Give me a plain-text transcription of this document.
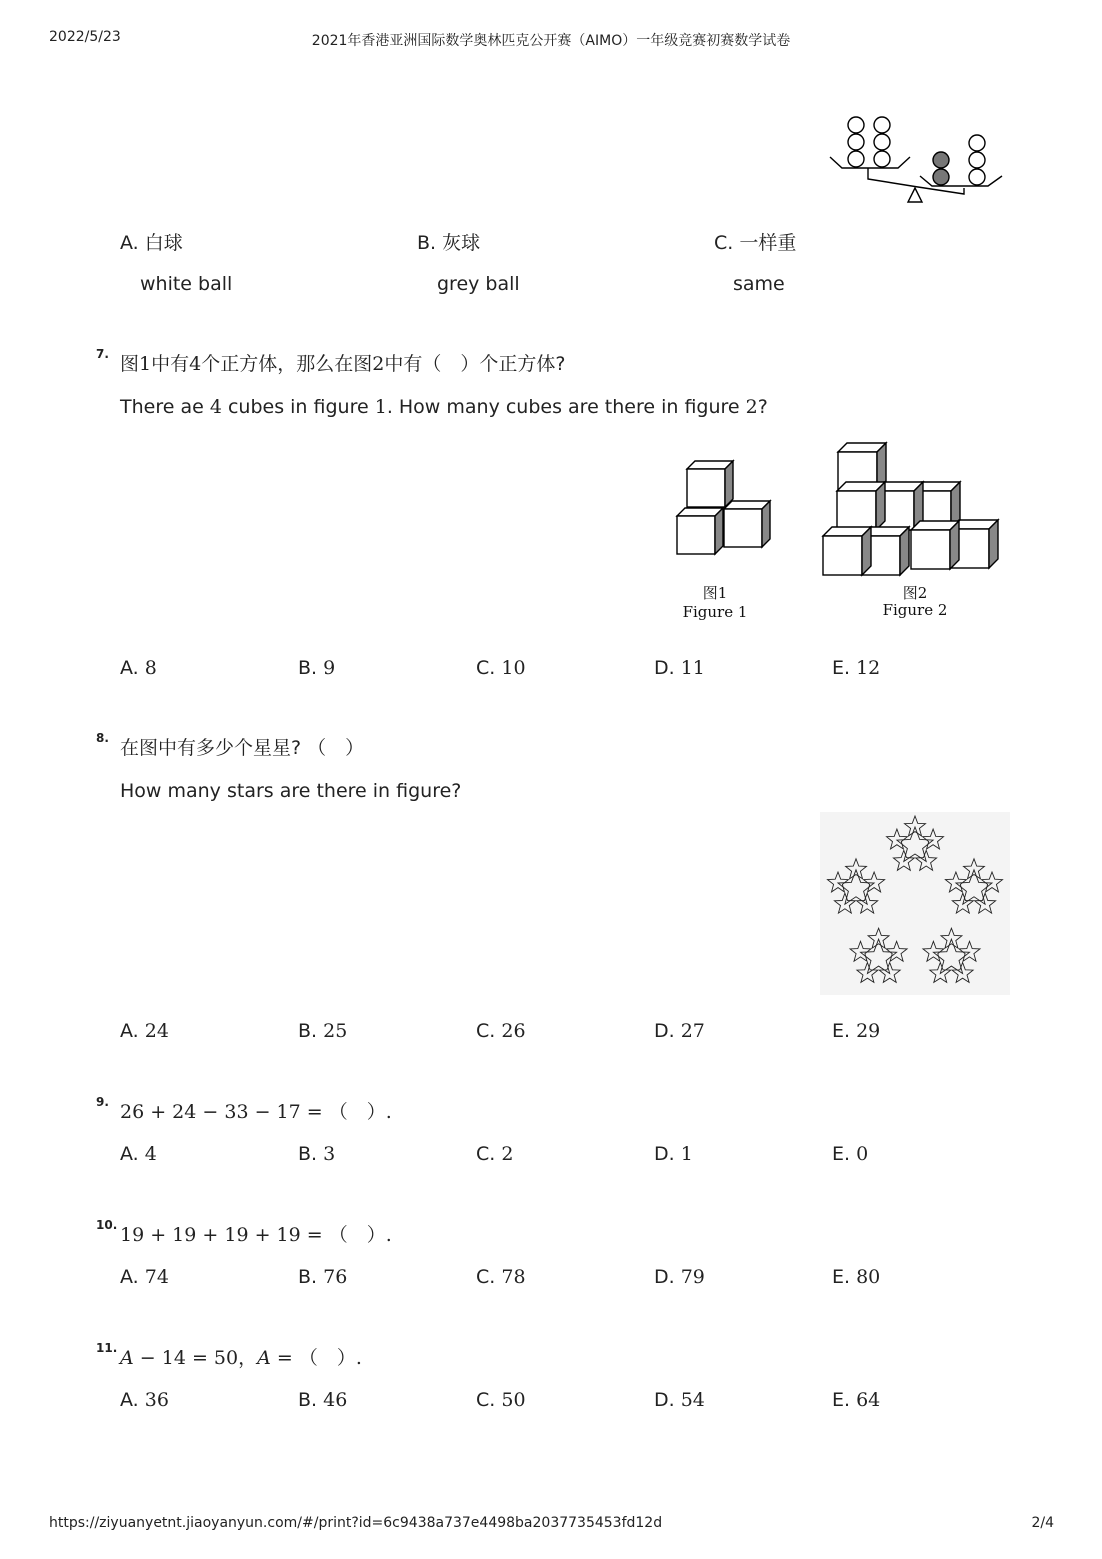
2022/5/23	2021年香港亚洲国际数学奥林匹克公开赛（AIMO）一年级竞赛初赛数学试卷
A. 白球
white ball
B. 灰球
grey ball
C. 一样重
same
7. 图1中有4个正方体，那么在图2中有（　）个正方体?
There ae 4 cubes in figure 1. How many cubes are there in figure 2?
图1
Figure 1
图2
Figure 2
A. 8	B. 9	C. 10	D. 11	E. 12
8. 在图中有多少个星星? （　）
How many stars are there in figure?
A. 24	B. 25	C. 26	D. 27	E. 29
9. 26 + 24 − 33 − 17 = （　）.
A. 4	B. 3	C. 2	D. 1	E. 0
10. 19 + 19 + 19 + 19 = （　）.
A. 74	B. 76	C. 78	D. 79	E. 80
11. A − 14 = 50，A = （　）.
A. 36	B. 46	C. 50	D. 54	E. 64
https://ziyuanyetnt.jiaoyanyun.com/#/print?id=6c9438a737e4498ba2037735453fd12d	2/4
